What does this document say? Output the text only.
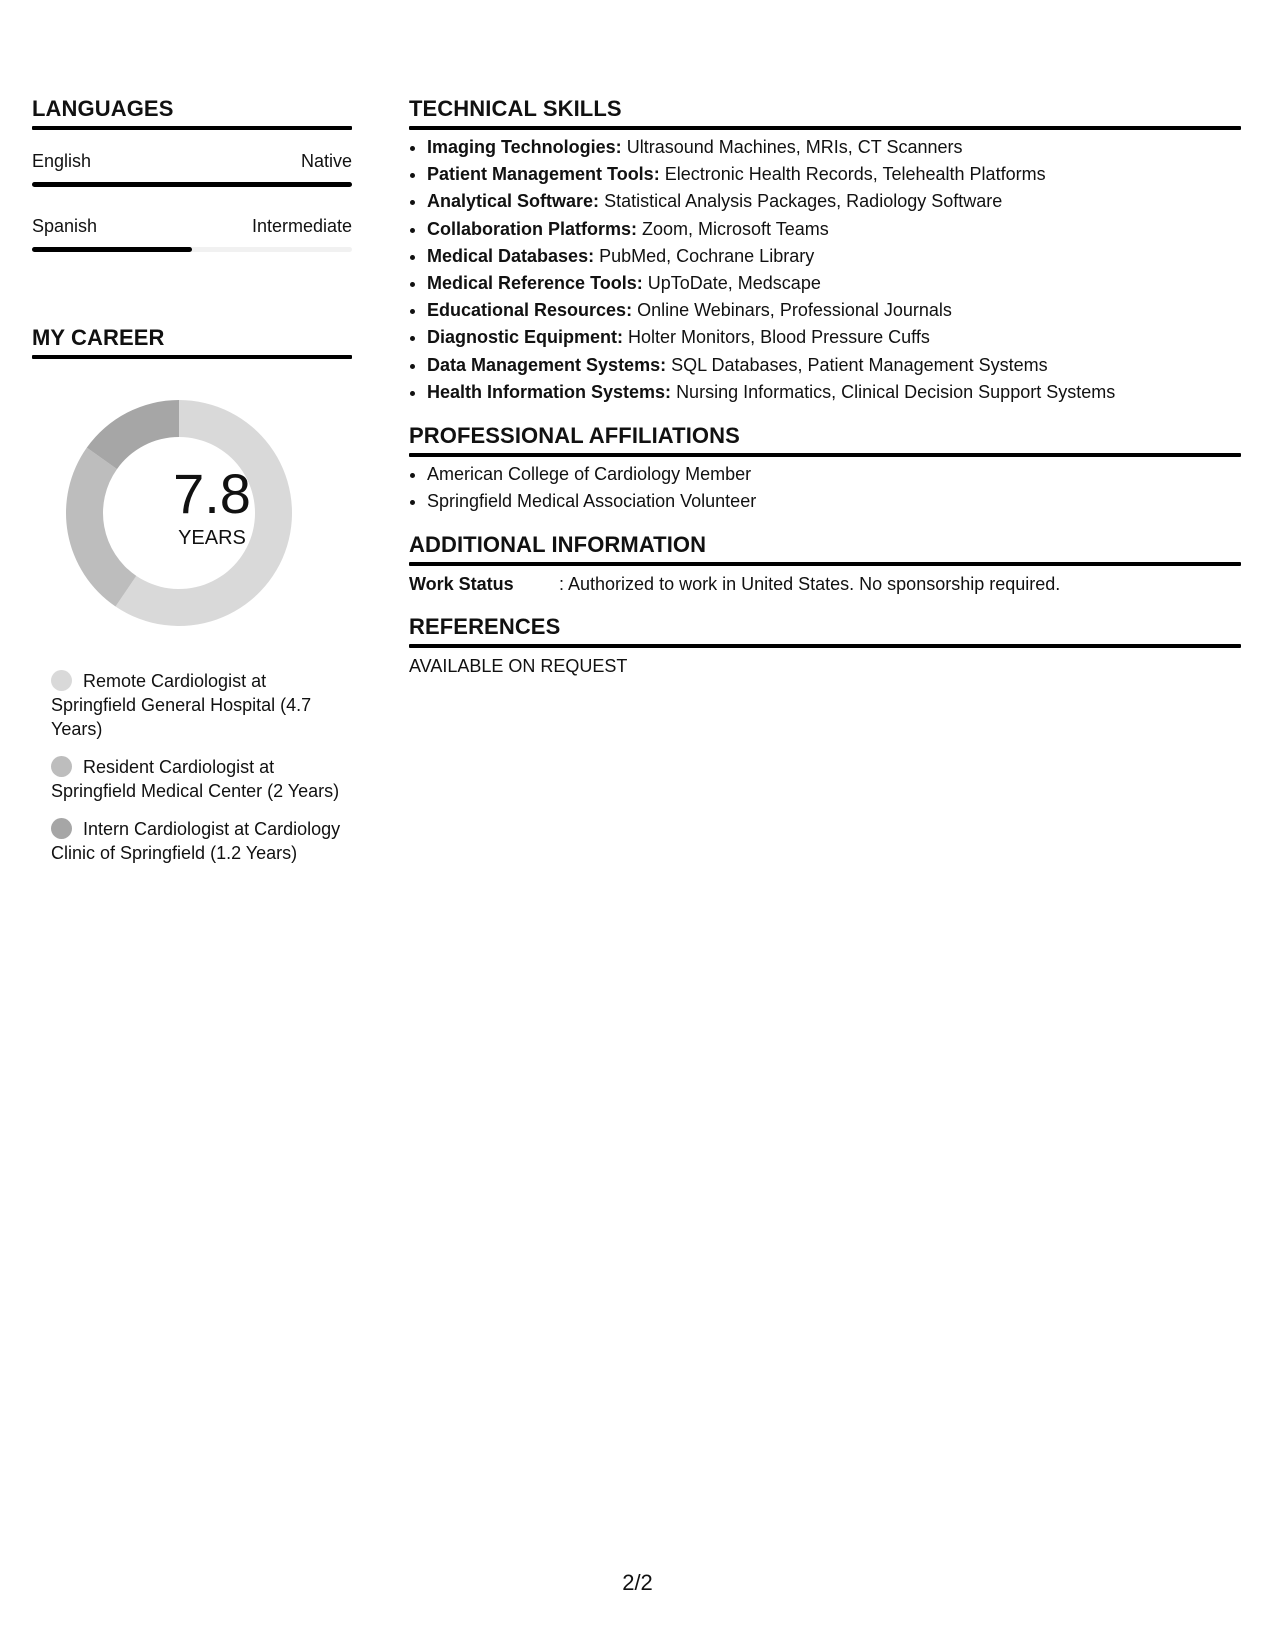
LANGUAGES
English	Native
Spanish	Intermediate
MY CAREER
7.8
YEARS
Remote Cardiologist at Springfield General Hospital (4.7 Years)
Resident Cardiologist at Springfield Medical Center (2 Years)
Intern Cardiologist at Cardiology Clinic of Springfield (1.2 Years)
TECHNICAL SKILLS
• Imaging Technologies: Ultrasound Machines, MRIs, CT Scanners
• Patient Management Tools: Electronic Health Records, Telehealth Platforms
• Analytical Software: Statistical Analysis Packages, Radiology Software
• Collaboration Platforms: Zoom, Microsoft Teams
• Medical Databases: PubMed, Cochrane Library
• Medical Reference Tools: UpToDate, Medscape
• Educational Resources: Online Webinars, Professional Journals
• Diagnostic Equipment: Holter Monitors, Blood Pressure Cuffs
• Data Management Systems: SQL Databases, Patient Management Systems
• Health Information Systems: Nursing Informatics, Clinical Decision Support Systems
PROFESSIONAL AFFILIATIONS
• American College of Cardiology Member
• Springfield Medical Association Volunteer
ADDITIONAL INFORMATION
Work Status	: Authorized to work in United States. No sponsorship required.
REFERENCES
AVAILABLE ON REQUEST
2/2
